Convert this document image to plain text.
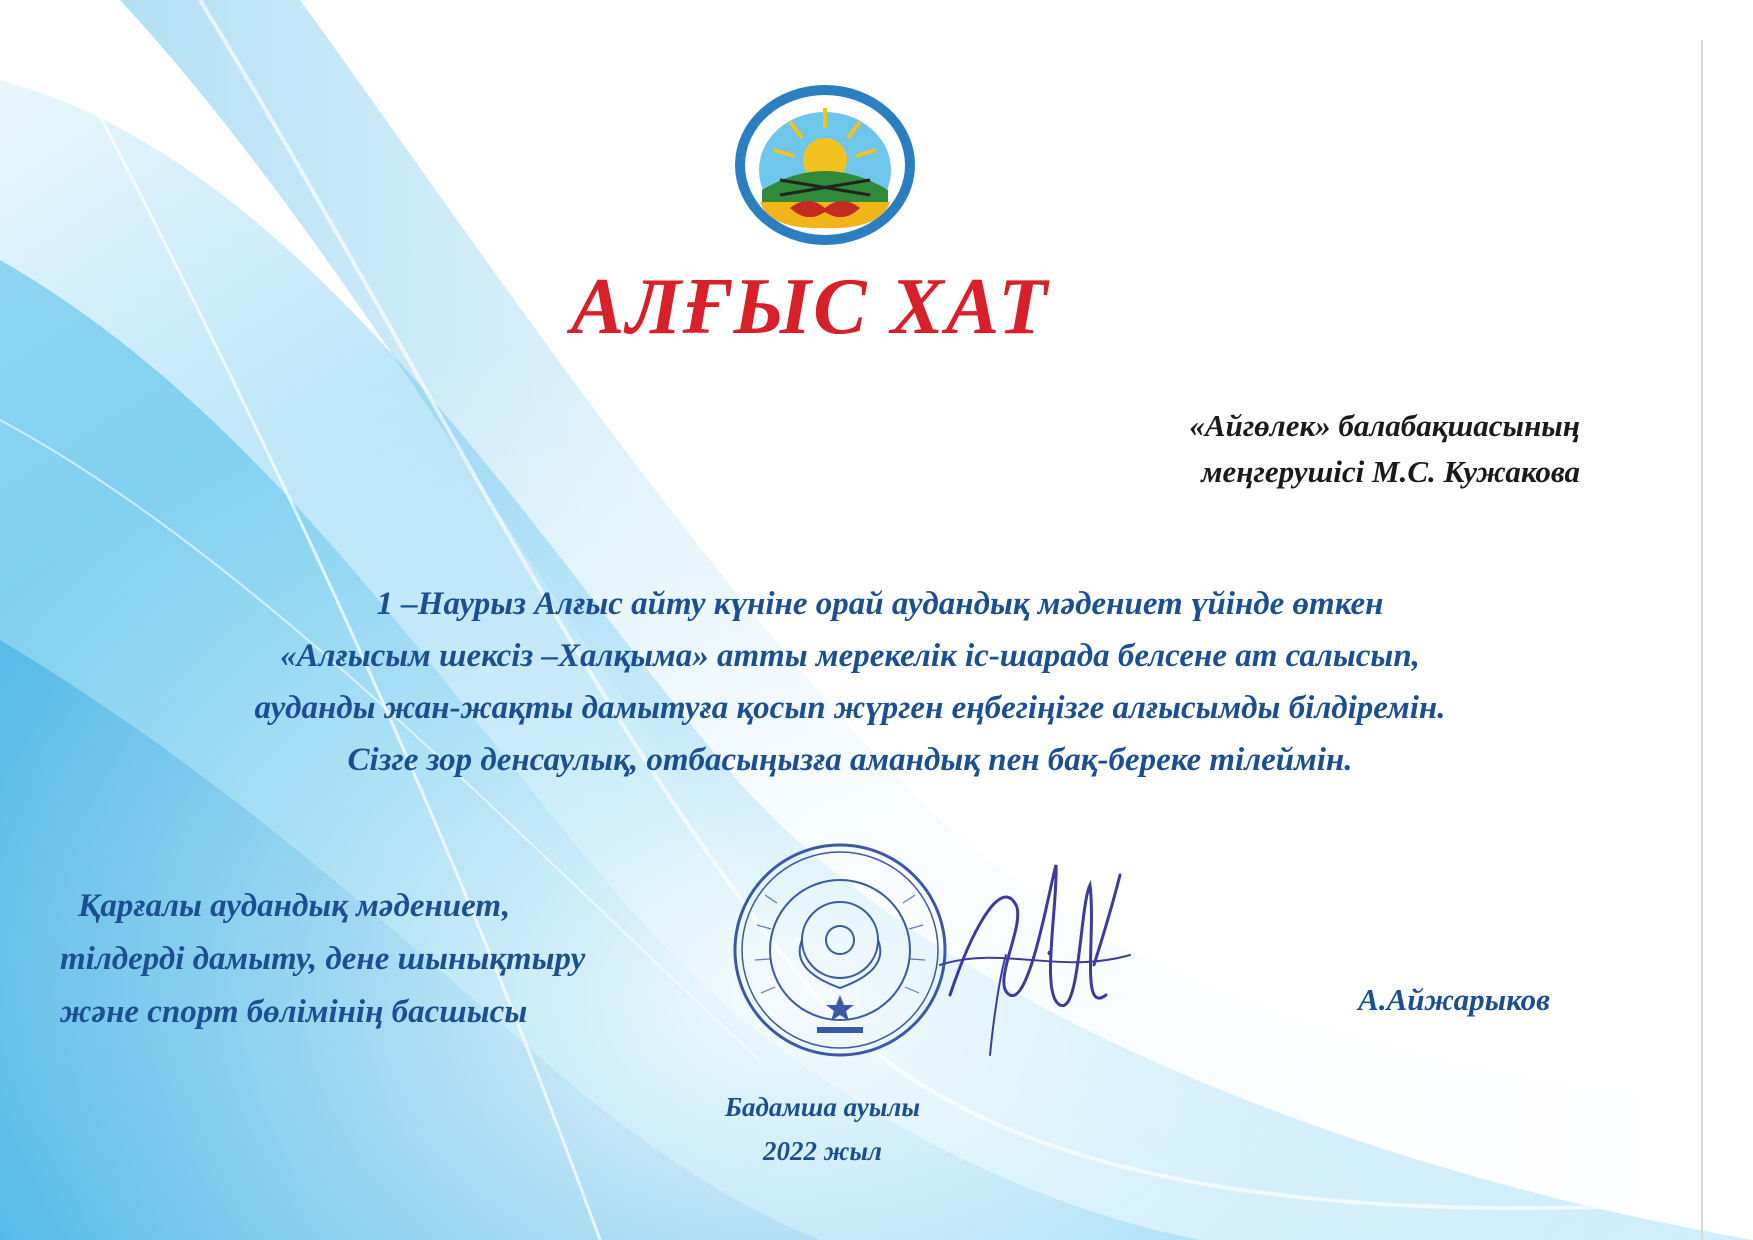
АЛҒЫС ХАТ
«Айгөлек» балабақшасының
меңгерушісі М.С. Кужакова
1 –Наурыз Алғыс айту күніне орай аудандық мәдениет үйінде өткен
«Алғысым шексіз –Халқыма» атты мерекелік іс-шарада белсене ат салысып,
ауданды жан-жақты дамытуға қосып жүрген еңбегіңізге алғысымды білдіремін.
Сізге зор денсаулық, отбасыңызға амандық пен бақ-береке тілеймін.
Қарғалы аудандық мәдениет,
тілдерді дамыту, дене шынықтыру
және спорт бөлімінің басшысы	А.Айжарыков
Бадамша ауылы
2022 жыл
